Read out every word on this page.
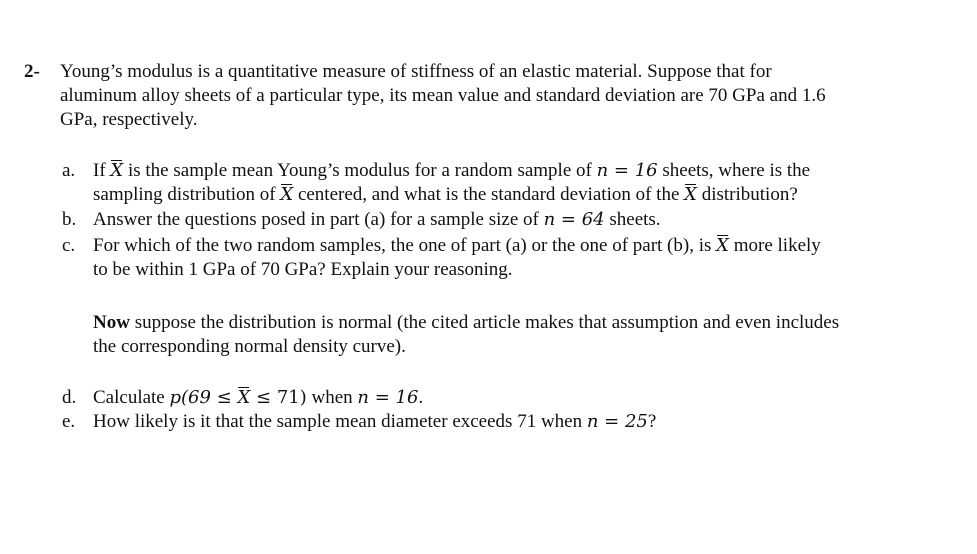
2- Young’s modulus is a quantitative measure of stiffness of an elastic material. Suppose that for
aluminum alloy sheets of a particular type, its mean value and standard deviation are 70 GPa and 1.6
GPa, respectively.
a. If X is the sample mean Young’s modulus for a random sample of n = 16 sheets, where is the
sampling distribution of X centered, and what is the standard deviation of the X distribution?
b. Answer the questions posed in part (a) for a sample size of n = 64 sheets.
c. For which of the two random samples, the one of part (a) or the one of part (b), is X more likely
to be within 1 GPa of 70 GPa? Explain your reasoning.
Now suppose the distribution is normal (the cited article makes that assumption and even includes
the corresponding normal density curve).
d. Calculate p(69 ≤ X ≤ 71) when n = 16.
e. How likely is it that the sample mean diameter exceeds 71 when n = 25?
